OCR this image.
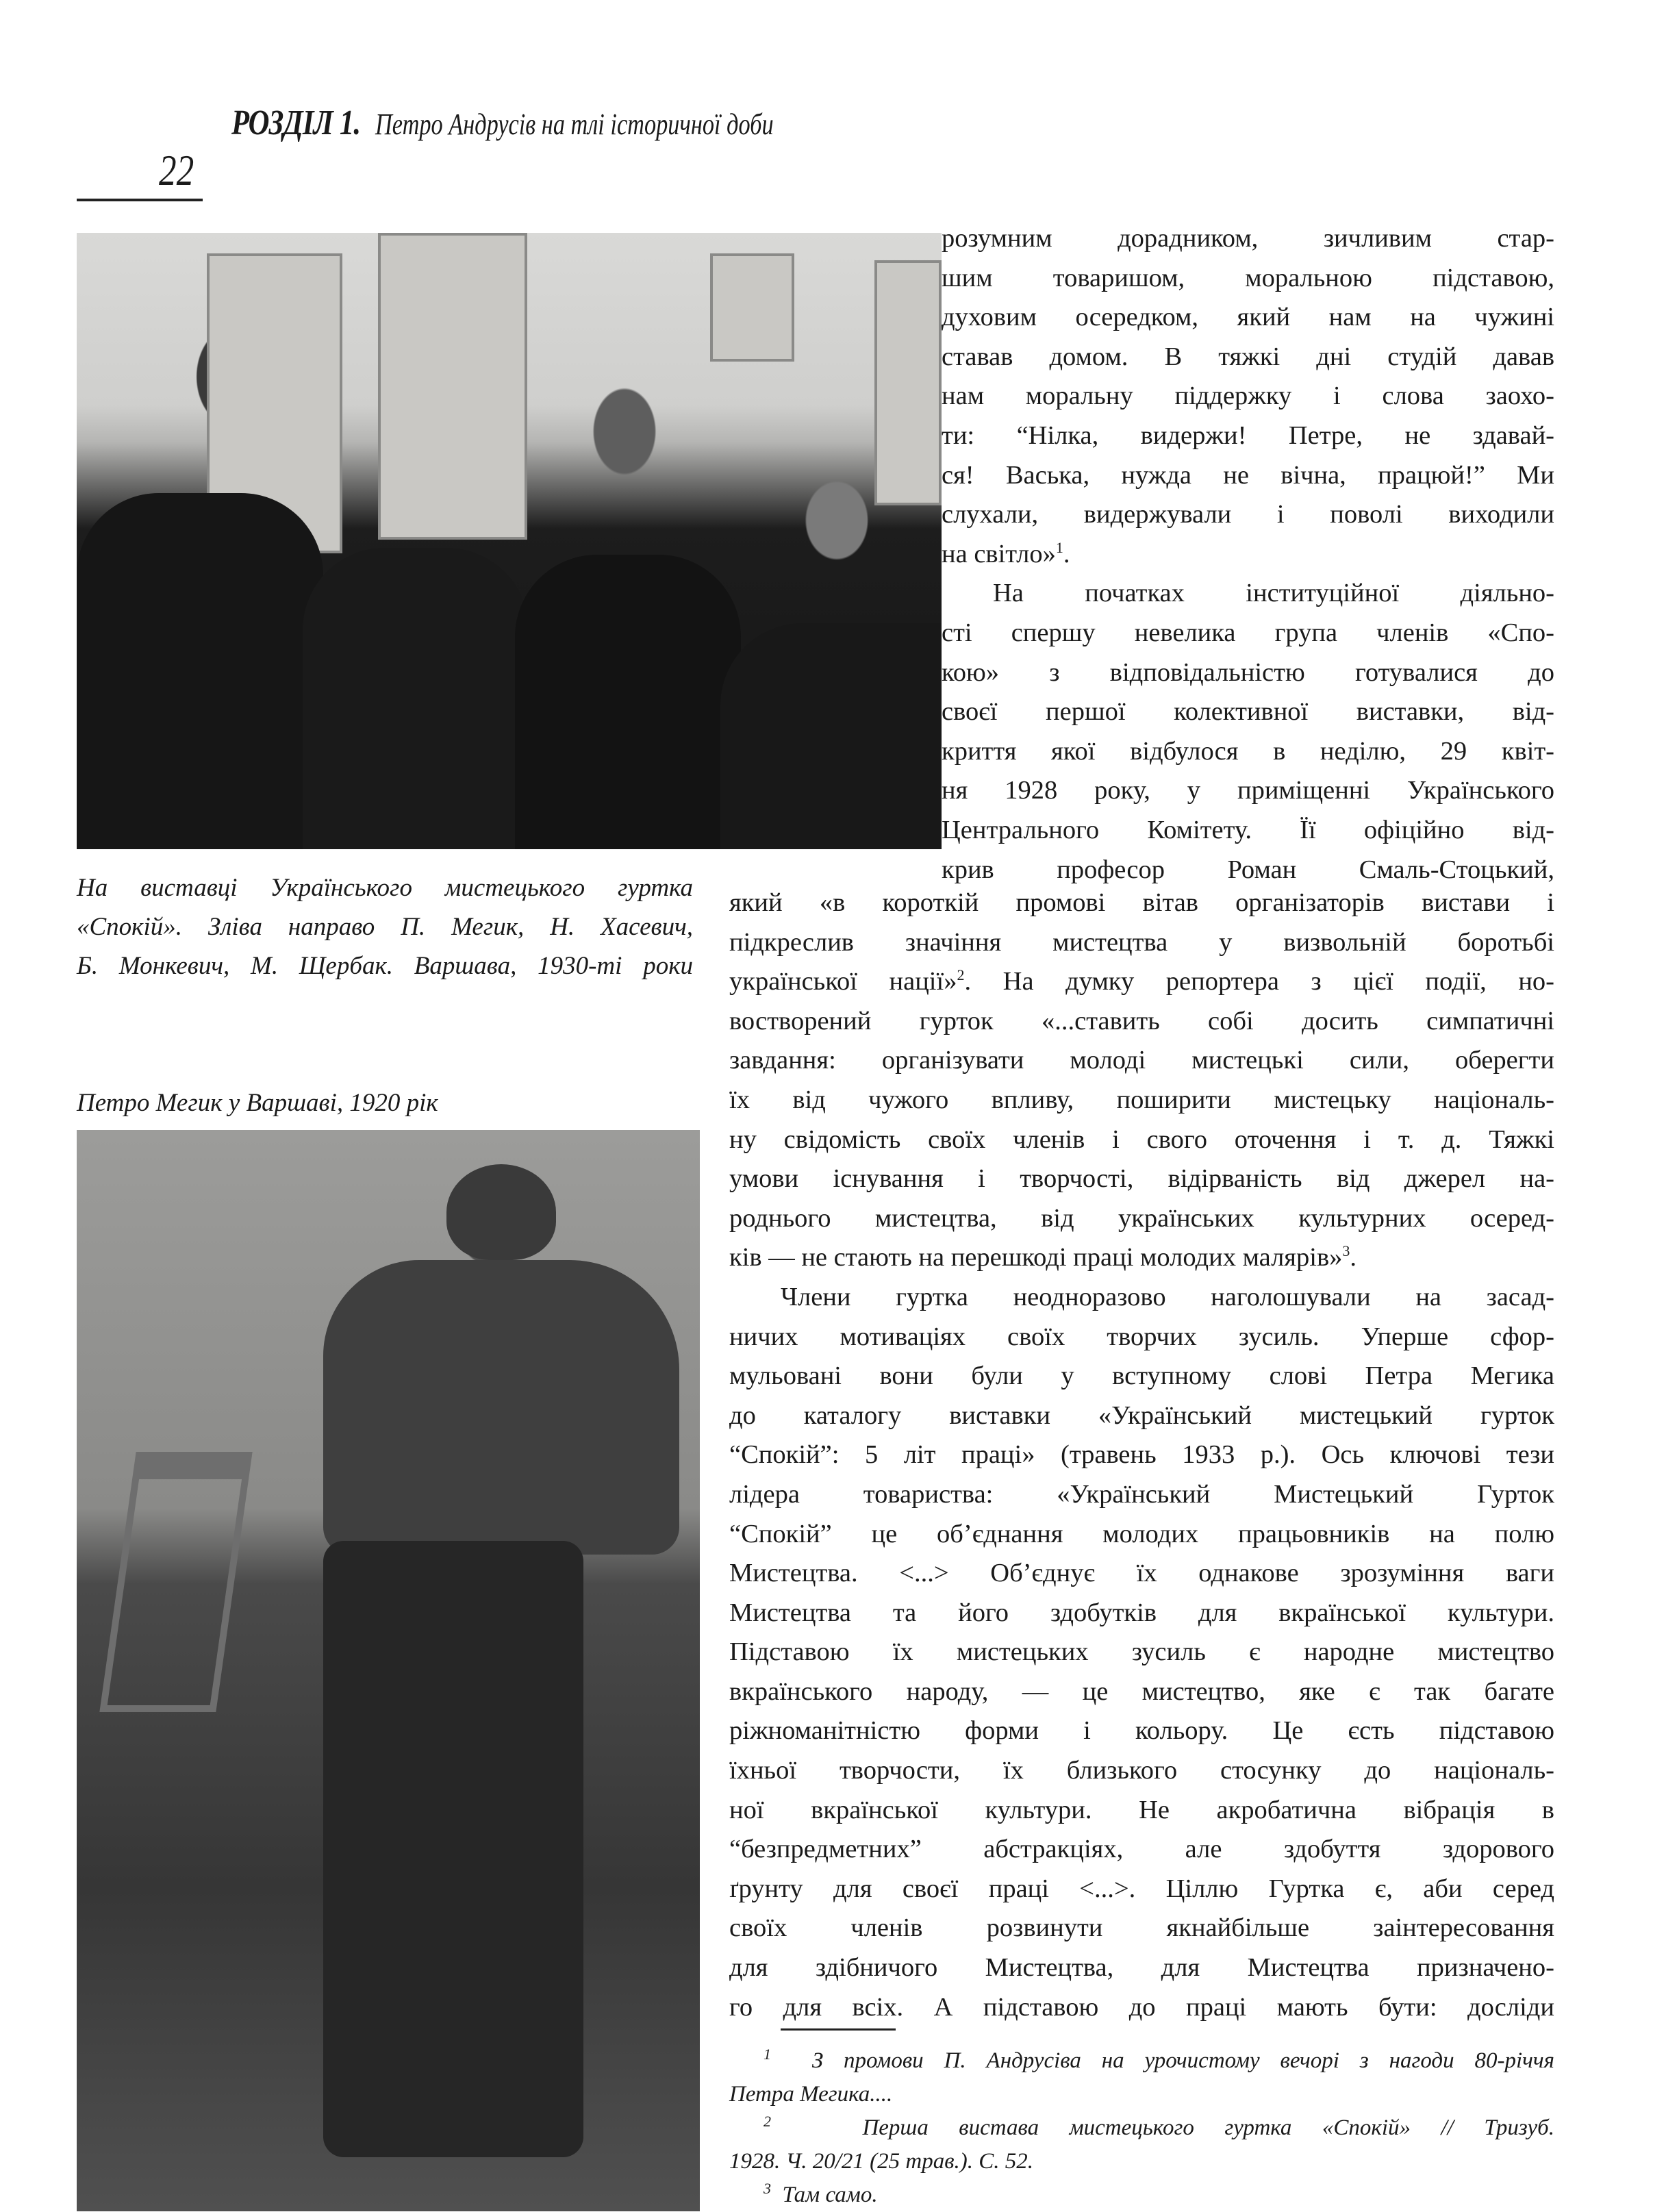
РОЗДІЛ 1. Петро Андрусів на тлі історичної доби
22
На виставці Українського мистецького гуртка
«Спокій». Зліва направо П. Мегик, Н. Хасевич,
Б. Монкевич, М. Щербак. Варшава, 1930-ті роки
Петро Мегик у Варшаві, 1920 рік
розумним дорадником, зичливим стар-
шим товаришом, моральною підставою,
духовим осередком, який нам на чужині
ставав домом. В тяжкі дні студій давав
нам моральну піддержку і слова заохо-
ти: “Нілка, видержи! Петре, не здавай-
ся! Васька, нужда не вічна, працюй!” Ми
слухали, видержували і поволі виходили
на світло»$^1$.
На початках інституційної діяльно-
сті спершу невелика група членів «Спо-
кою» з відповідальністю готувалися до
своєї першої колективної виставки, від-
криття якої відбулося в неділю, 29 квіт-
ня 1928 року, у приміщенні Українського
Центрального Комітету. Її офіційно від-
крив професор Роман Смаль-Стоцький,
який «в короткій промові вітав організаторів вистави і
підкреслив значіння мистецтва у визвольній боротьбі
української нації»$^2$. На думку репортера з цієї події, но-
востворений гурток «...ставить собі досить симпатичні
завдання: організувати молоді мистецькі сили, оберегти
їх від чужого впливу, поширити мистецьку національ-
ну свідомість своїх членів і свого оточення і т. д. Тяжкі
умови існування і творчості, відірваність від джерел на-
роднього мистецтва, від українських культурних осеред-
ків — не стають на перешкоді праці молодих малярів»$^3$.
Члени гуртка неодноразово наголошували на засад-
ничих мотиваціях своїх творчих зусиль. Уперше сфор-
мульовані вони були у вступному слові Петра Мегика
до каталогу виставки «Український мистецький гурток
“Спокій”: 5 літ праці» (травень 1933 р.). Ось ключові тези
лідера товариства: «Український Мистецький Гурток
“Спокій” це об’єднання молодих працьовників на полю
Мистецтва. <...> Об’єднує їх однакове зрозуміння ваги
Мистецтва та його здобутків для вкраїнської культури.
Підставою їх мистецьких зусиль є народне мистецтво
вкраїнського народу, — це мистецтво, яке є так багате
ріжноманітністю форми і кольору. Це єсть підставою
їхньої творчости, їх близького стосунку до національ-
ної вкраїнської культури. Не акробатична вібрація в
“безпредметних” абстракціях, але здобуття здорового
ґрунту для своєї праці <...>. Ціллю Гуртка є, аби серед
своїх членів розвинути якнайбільше заінтересовання
для здібничого Мистецтва, для Мистецтва призначено-
го для всіх. А підставою до праці мають бути: досліди
$^1$ З промови П. Андрусіва на урочистому вечорі з нагоди 80-річчя
Петра Мегика....
$^2$	Перша вистава мистецького гуртка «Спокій» // Тризуб.
1928. Ч. 20/21 (25 трав.). С. 52.
$^3$ Там само.
